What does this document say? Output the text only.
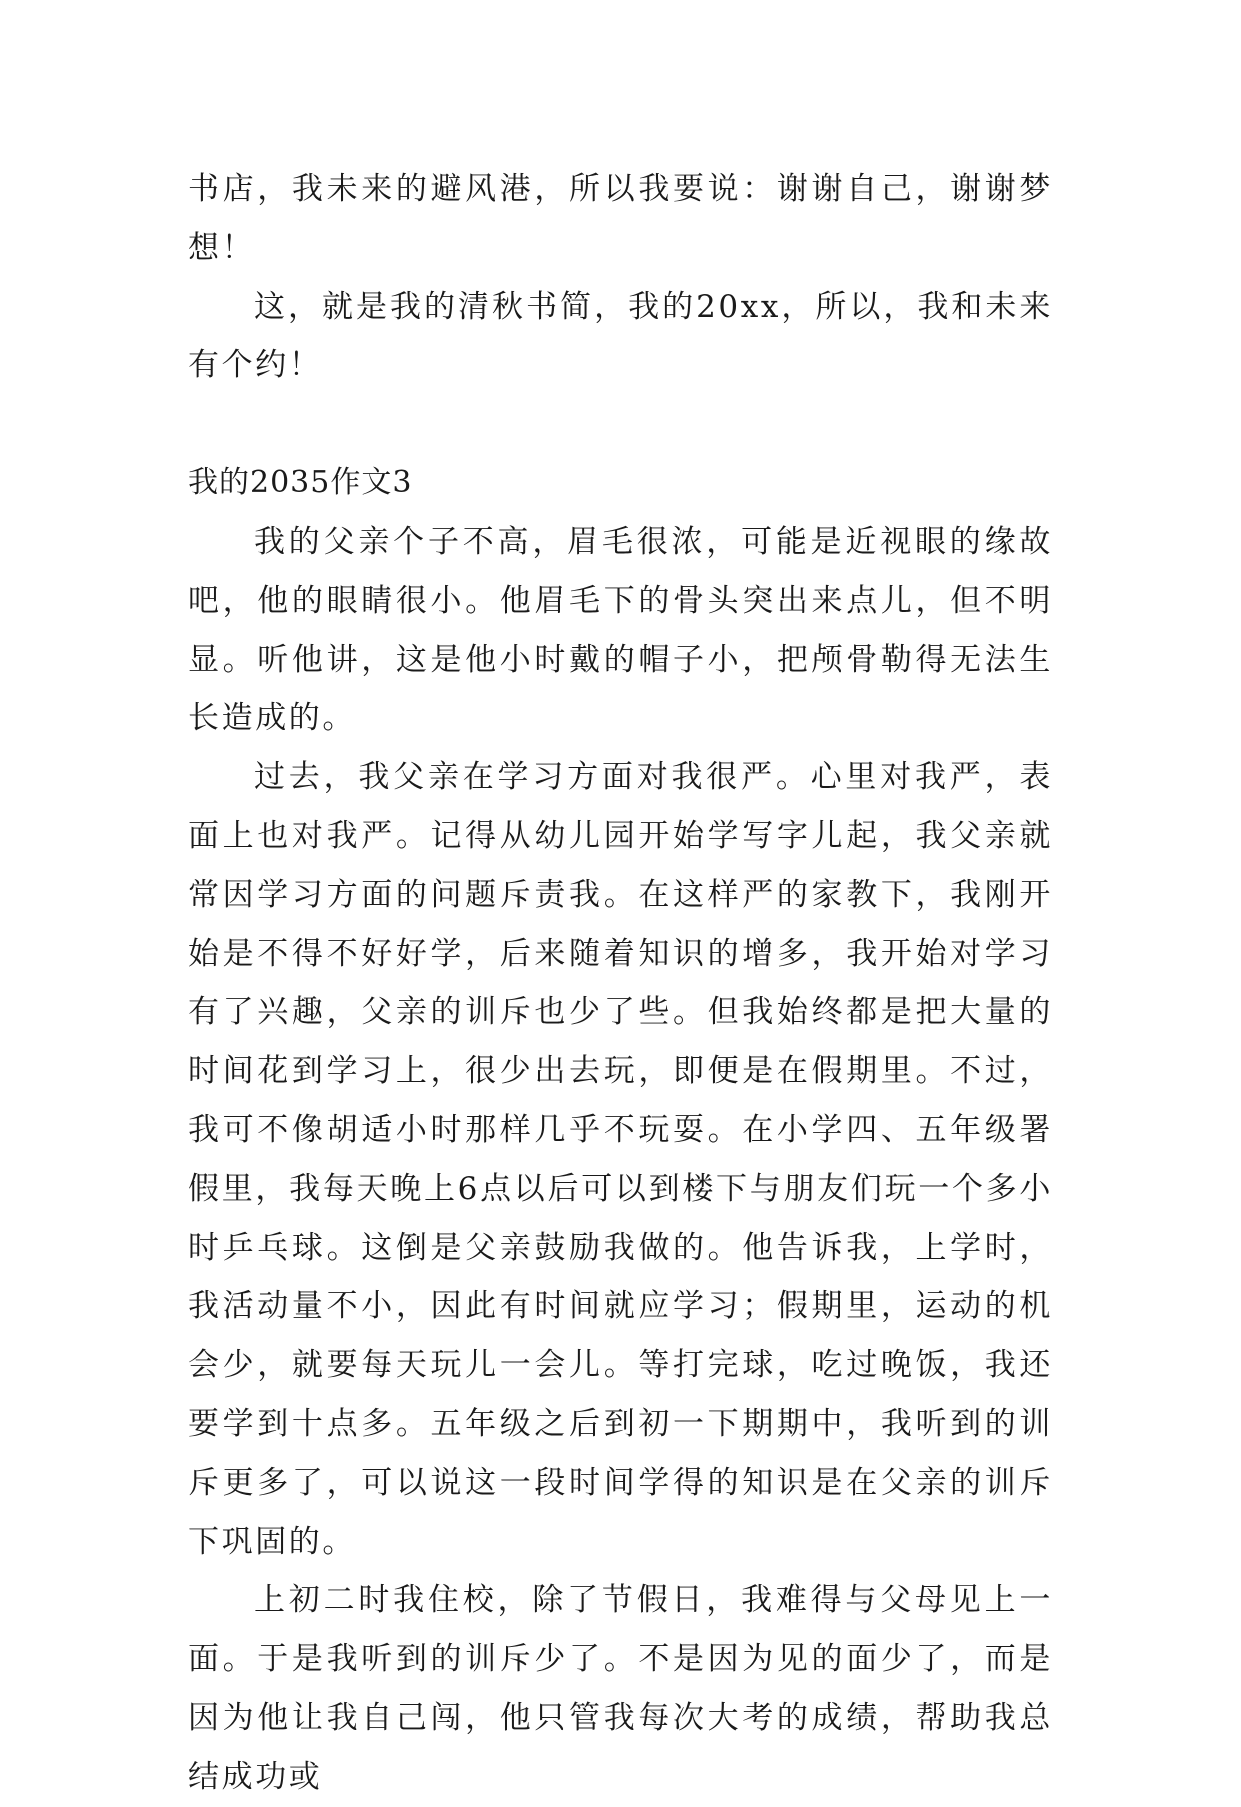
书店，我未来的避风港，所以我要说：谢谢自己，谢谢梦想！

这，就是我的清秋书简，我的20xx，所以，我和未来有个约！

我的2035作文3

我的父亲个子不高，眉毛很浓，可能是近视眼的缘故吧，他的眼睛很小。他眉毛下的骨头突出来点儿，但不明显。听他讲，这是他小时戴的帽子小，把颅骨勒得无法生长造成的。

过去，我父亲在学习方面对我很严。心里对我严，表面上也对我严。记得从幼儿园开始学写字儿起，我父亲就常因学习方面的问题斥责我。在这样严的家教下，我刚开始是不得不好好学，后来随着知识的增多，我开始对学习有了兴趣，父亲的训斥也少了些。但我始终都是把大量的时间花到学习上，很少出去玩，即便是在假期里。不过，我可不像胡适小时那样几乎不玩耍。在小学四、五年级署假里，我每天晚上6点以后可以到楼下与朋友们玩一个多小时乒乓球。这倒是父亲鼓励我做的。他告诉我，上学时，我活动量不小，因此有时间就应学习；假期里，运动的机会少，就要每天玩儿一会儿。等打完球，吃过晚饭，我还要学到十点多。五年级之后到初一下期期中，我听到的训斥更多了，可以说这一段时间学得的知识是在父亲的训斥下巩固的。

上初二时我住校，除了节假日，我难得与父母见上一面。于是我听到的训斥少了。不是因为见的面少了，而是因为他让我自己闯，他只管我每次大考的成绩，帮助我总结成功或
